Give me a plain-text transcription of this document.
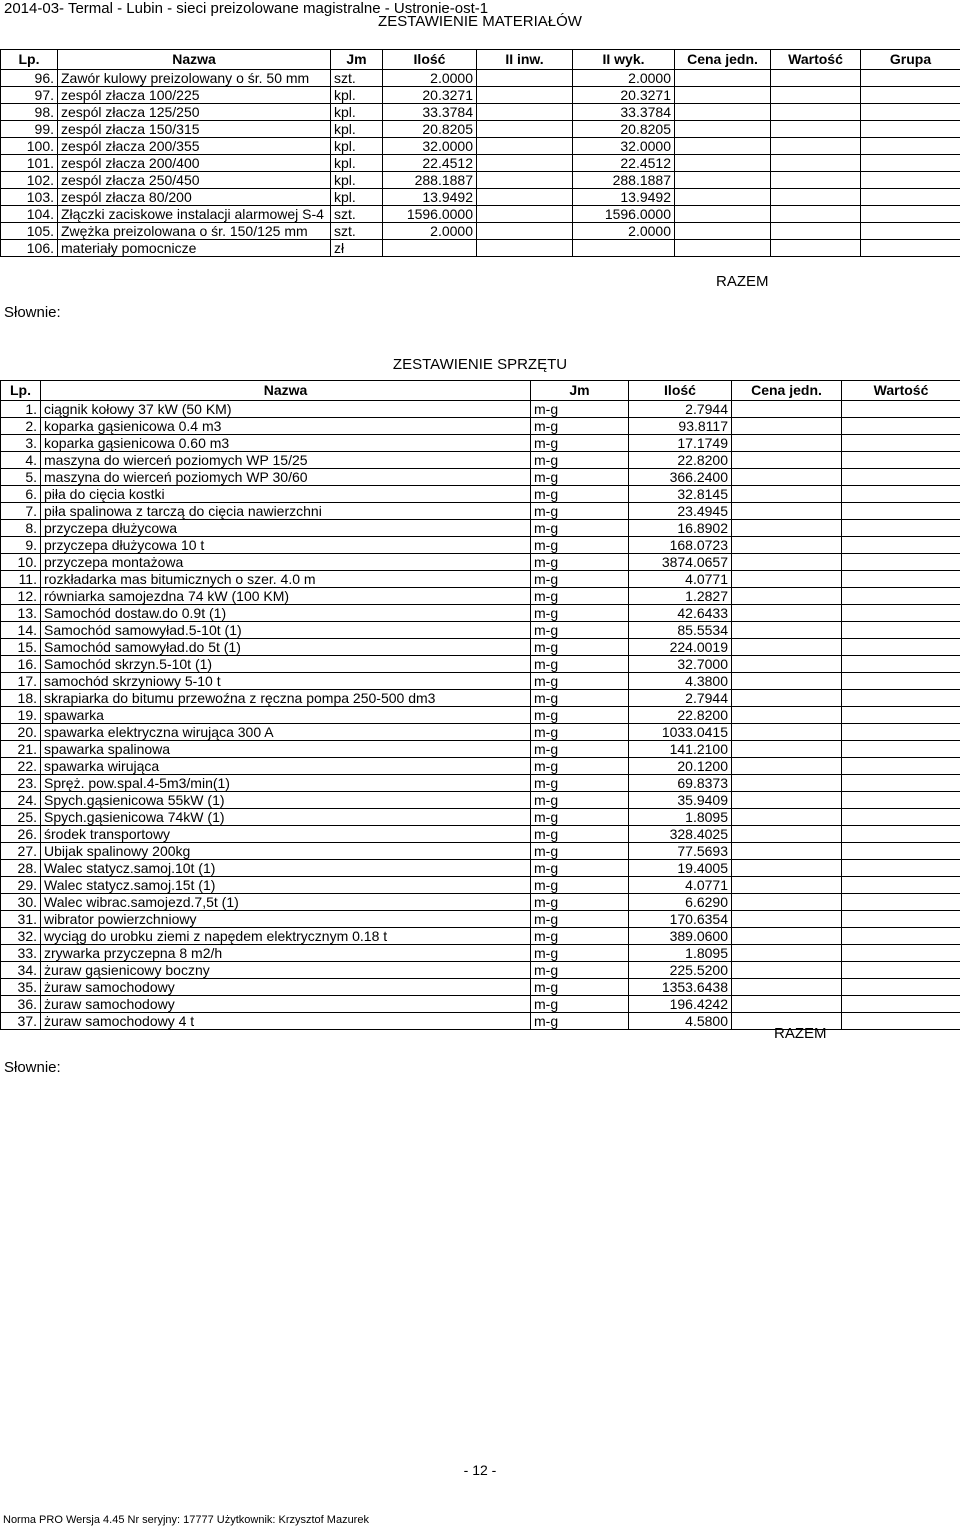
2014-03- Termal - Lubin - sieci preizolowane magistralne - Ustronie-ost-1
ZESTAWIENIE MATERIAŁÓW
Lp.	Nazwa	Jm	Ilość	II inw.	II wyk.	Cena jedn.	Wartość	Grupa
96.	Zawór kulowy preizolowany o śr. 50 mm	szt.	2.0000		2.0000			
97.	zespól złacza 100/225	kpl.	20.3271		20.3271			
98.	zespól złacza 125/250	kpl.	33.3784		33.3784			
99.	zespól złacza 150/315	kpl.	20.8205		20.8205			
100.	zespól złacza 200/355	kpl.	32.0000		32.0000			
101.	zespól złacza 200/400	kpl.	22.4512		22.4512			
102.	zespól złacza 250/450	kpl.	288.1887		288.1887			
103.	zespól złacza 80/200	kpl.	13.9492		13.9492			
104.	Złączki zaciskowe instalacji alarmowej S-4	szt.	1596.0000		1596.0000			
105.	Zwężka preizolowana o śr. 150/125 mm	szt.	2.0000		2.0000			
106.	materiały pomocnicze	zł						
RAZEM
Słownie:
ZESTAWIENIE SPRZĘTU
Lp.	Nazwa	Jm	Ilość	Cena jedn.	Wartość
1.	ciągnik kołowy 37 kW (50 KM)	m-g	2.7944		
2.	koparka gąsienicowa 0.4 m3	m-g	93.8117		
3.	koparka gąsienicowa 0.60 m3	m-g	17.1749		
4.	maszyna do wierceń poziomych WP 15/25	m-g	22.8200		
5.	maszyna do wierceń poziomych WP 30/60	m-g	366.2400		
6.	piła do cięcia kostki	m-g	32.8145		
7.	piła spalinowa z tarczą do cięcia nawierzchni	m-g	23.4945		
8.	przyczepa dłużycowa	m-g	16.8902		
9.	przyczepa dłużycowa 10 t	m-g	168.0723		
10.	przyczepa montażowa	m-g	3874.0657		
11.	rozkładarka mas bitumicznych o szer. 4.0 m	m-g	4.0771		
12.	równiarka samojezdna 74 kW (100 KM)	m-g	1.2827		
13.	Samochód dostaw.do 0.9t (1)	m-g	42.6433		
14.	Samochód samowyład.5-10t (1)	m-g	85.5534		
15.	Samochód samowyład.do 5t (1)	m-g	224.0019		
16.	Samochód skrzyn.5-10t (1)	m-g	32.7000		
17.	samochód skrzyniowy 5-10 t	m-g	4.3800		
18.	skrapiarka do bitumu przewoźna z ręczna pompa 250-500 dm3	m-g	2.7944		
19.	spawarka	m-g	22.8200		
20.	spawarka elektryczna wirująca 300 A	m-g	1033.0415		
21.	spawarka spalinowa	m-g	141.2100		
22.	spawarka wirująca	m-g	20.1200		
23.	Spręż. pow.spal.4-5m3/min(1)	m-g	69.8373		
24.	Spych.gąsienicowa 55kW (1)	m-g	35.9409		
25.	Spych.gąsienicowa 74kW (1)	m-g	1.8095		
26.	środek transportowy	m-g	328.4025		
27.	Ubijak spalinowy 200kg	m-g	77.5693		
28.	Walec statycz.samoj.10t (1)	m-g	19.4005		
29.	Walec statycz.samoj.15t (1)	m-g	4.0771		
30.	Walec wibrac.samojezd.7,5t (1)	m-g	6.6290		
31.	wibrator powierzchniowy	m-g	170.6354		
32.	wyciąg do urobku ziemi z napędem elektrycznym 0.18 t	m-g	389.0600		
33.	zrywarka przyczepna 8 m2/h	m-g	1.8095		
34.	żuraw gąsienicowy boczny	m-g	225.5200		
35.	żuraw samochodowy	m-g	1353.6438		
36.	żuraw samochodowy	m-g	196.4242		
37.	żuraw samochodowy 4 t	m-g	4.5800		
RAZEM
Słownie:
- 12 -
Norma PRO Wersja 4.45 Nr seryjny: 17777 Użytkownik: Krzysztof Mazurek
